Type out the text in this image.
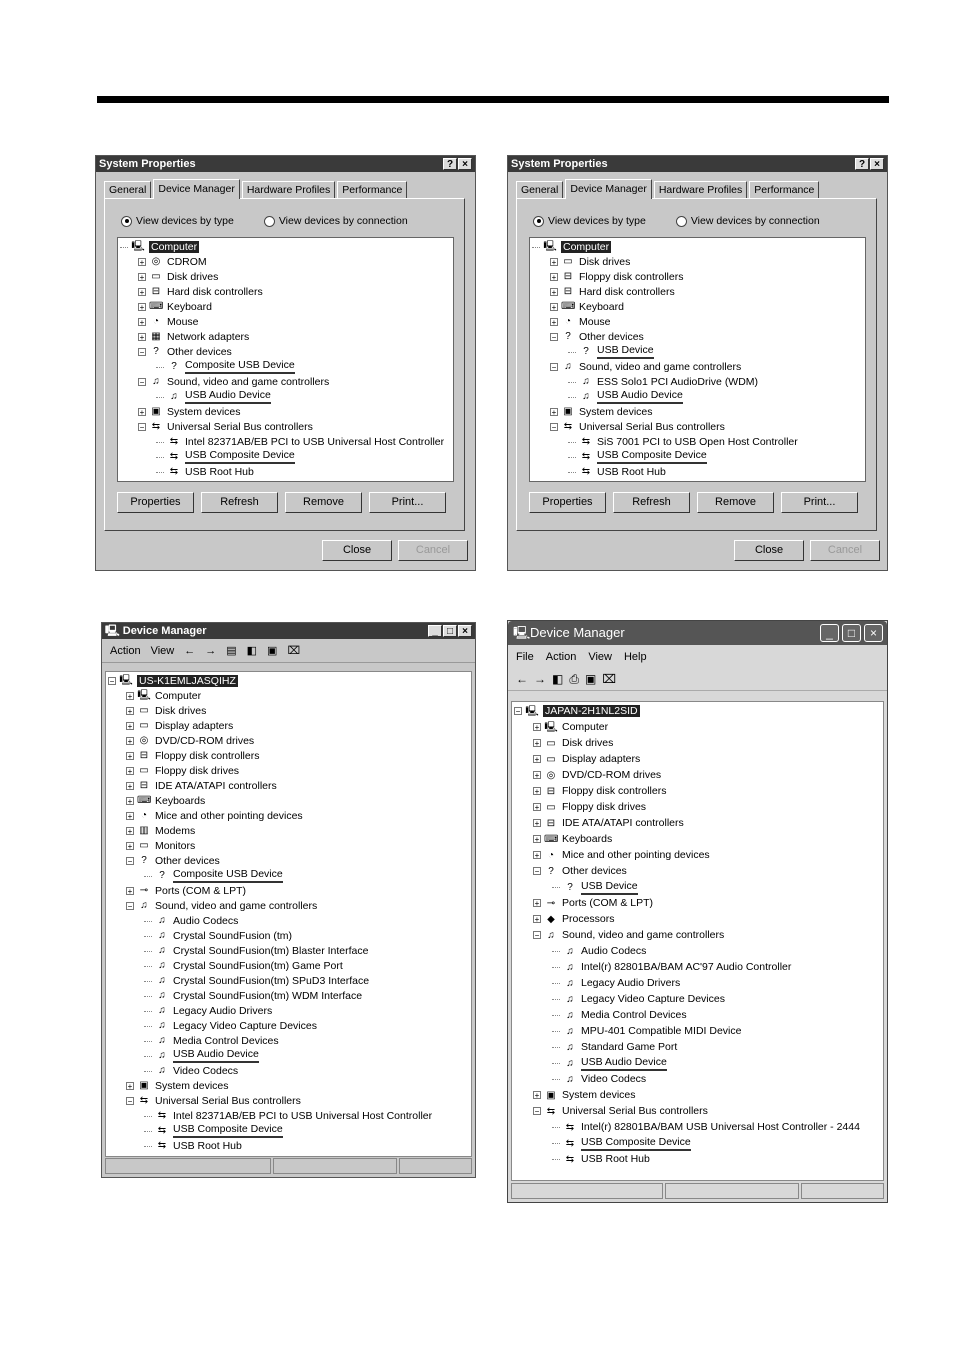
System Properties	? ×
General	Device Manager	Hardware Profiles	Performance
View devices by type	View devices by connection
🖳 Computer
+ ◎ CDROM
+ ▭ Disk drives
+ ⊟ Hard disk controllers
+ ⌨ Keyboard
+ ◔ Mouse
+ ▦ Network adapters
− ? Other devices
? Composite USB Device
− ♫ Sound, video and game controllers
♫ USB Audio Device
+ ▣ System devices
− ⇆ Universal Serial Bus controllers
⇆ Intel 82371AB/EB PCI to USB Universal Host Controller
⇆ USB Composite Device
⇆ USB Root Hub
Properties	Refresh	Remove	Print...
Close	Cancel
System Properties	? ×
General	Device Manager	Hardware Profiles	Performance
View devices by type	View devices by connection
🖳 Computer
+ ▭ Disk drives
+ ⊟ Floppy disk controllers
+ ⊟ Hard disk controllers
+ ⌨ Keyboard
+ ◔ Mouse
− ? Other devices
? USB Device
− ♫ Sound, video and game controllers
♫ ESS Solo1 PCI AudioDrive (WDM)
♫ USB Audio Device
+ ▣ System devices
− ⇆ Universal Serial Bus controllers
⇆ SiS 7001 PCI to USB Open Host Controller
⇆ USB Composite Device
⇆ USB Root Hub
Properties	Refresh	Remove	Print...
Close	Cancel
🖳 Device Manager	_ □ ×
Action View ← → ▤ ◧ ▣ ⌧
− 🖳 US-K1EMLJASQIHZ
+ 🖳 Computer
+ ▭ Disk drives
+ ▭ Display adapters
+ ◎ DVD/CD-ROM drives
+ ⊟ Floppy disk controllers
+ ▭ Floppy disk drives
+ ⊟ IDE ATA/ATAPI controllers
+ ⌨ Keyboards
+ ◔ Mice and other pointing devices
+ ▥ Modems
+ ▭ Monitors
− ? Other devices
? Composite USB Device
+ ⊸ Ports (COM & LPT)
− ♫ Sound, video and game controllers
♫ Audio Codecs
♫ Crystal SoundFusion (tm)
♫ Crystal SoundFusion(tm) Blaster Interface
♫ Crystal SoundFusion(tm) Game Port
♫ Crystal SoundFusion(tm) SPuD3 Interface
♫ Crystal SoundFusion(tm) WDM Interface
♫ Legacy Audio Drivers
♫ Legacy Video Capture Devices
♫ Media Control Devices
♫ USB Audio Device
♫ Video Codecs
+ ▣ System devices
− ⇆ Universal Serial Bus controllers
⇆ Intel 82371AB/EB PCI to USB Universal Host Controller
⇆ USB Composite Device
⇆ USB Root Hub
🖳 Device Manager	_	□	×
File Action View Help
← → ◧ ⎙ ▣ ⌧
− 🖳 JAPAN-2H1NL2SID
+ 🖳 Computer
+ ▭ Disk drives
+ ▭ Display adapters
+ ◎ DVD/CD-ROM drives
+ ⊟ Floppy disk controllers
+ ▭ Floppy disk drives
+ ⊟ IDE ATA/ATAPI controllers
+ ⌨ Keyboards
+ ◔ Mice and other pointing devices
− ? Other devices
? USB Device
+ ⊸ Ports (COM & LPT)
+ ◆ Processors
− ♫ Sound, video and game controllers
♫ Audio Codecs
♫ Intel(r) 82801BA/BAM AC'97 Audio Controller
♫ Legacy Audio Drivers
♫ Legacy Video Capture Devices
♫ Media Control Devices
♫ MPU-401 Compatible MIDI Device
♫ Standard Game Port
♫ USB Audio Device
♫ Video Codecs
+ ▣ System devices
− ⇆ Universal Serial Bus controllers
⇆ Intel(r) 82801BA/BAM USB Universal Host Controller - 2444
⇆ USB Composite Device
⇆ USB Root Hub
